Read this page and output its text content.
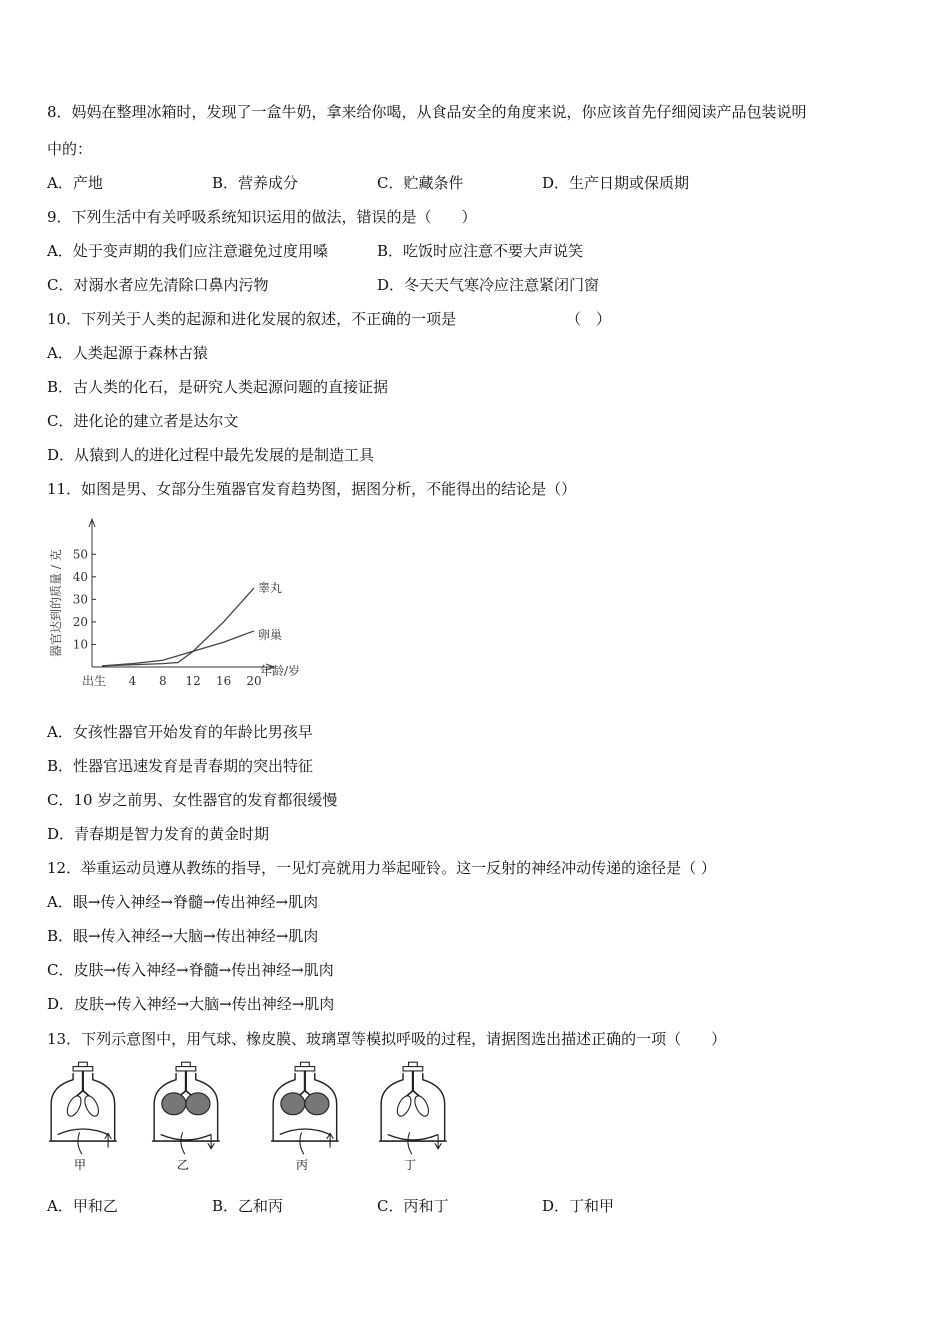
8．妈妈在整理冰箱时，发现了一盒牛奶，拿来给你喝，从食品安全的角度来说，你应该首先仔细阅读产品包装说明
中的：
A．产地	B．营养成分	C．贮藏条件	D．生产日期或保质期
9．下列生活中有关呼吸系统知识运用的做法，错误的是（　　）
A．处于变声期的我们应注意避免过度用嗓	B．吃饭时应注意不要大声说笑
C．对溺水者应先清除口鼻内污物	D．冬天天气寒冷应注意紧闭门窗
10．下列关于人类的起源和进化发展的叙述，不正确的一项是	（　）
A．人类起源于森林古猿
B．古人类的化石，是研究人类起源问题的直接证据
C．进化论的建立者是达尔文
D．从猿到人的进化过程中最先发展的是制造工具
11．如图是男、女部分生殖器官发育趋势图，据图分析，不能得出的结论是（）
10
20
30
40
50
出生 4 8 12 16 20
睾丸
卵巢
年龄/岁
器官达到的质量 / 克
A．女孩性器官开始发育的年龄比男孩早
B．性器官迅速发育是青春期的突出特征
C．10 岁之前男、女性器官的发育都很缓慢
D．青春期是智力发育的黄金时期
12．举重运动员遵从教练的指导，一见灯亮就用力举起哑铃。这一反射的神经冲动传递的途径是（ ）
A．眼→传入神经→脊髓→传出神经→肌肉
B．眼→传入神经→大脑→传出神经→肌肉
C．皮肤→传入神经→脊髓→传出神经→肌肉
D．皮肤→传入神经→大脑→传出神经→肌肉
13．下列示意图中，用气球、橡皮膜、玻璃罩等模拟呼吸的过程，请据图选出描述正确的一项（　　）
甲	乙	丙	丁
A．甲和乙	B．乙和丙	C．丙和丁	D．丁和甲
